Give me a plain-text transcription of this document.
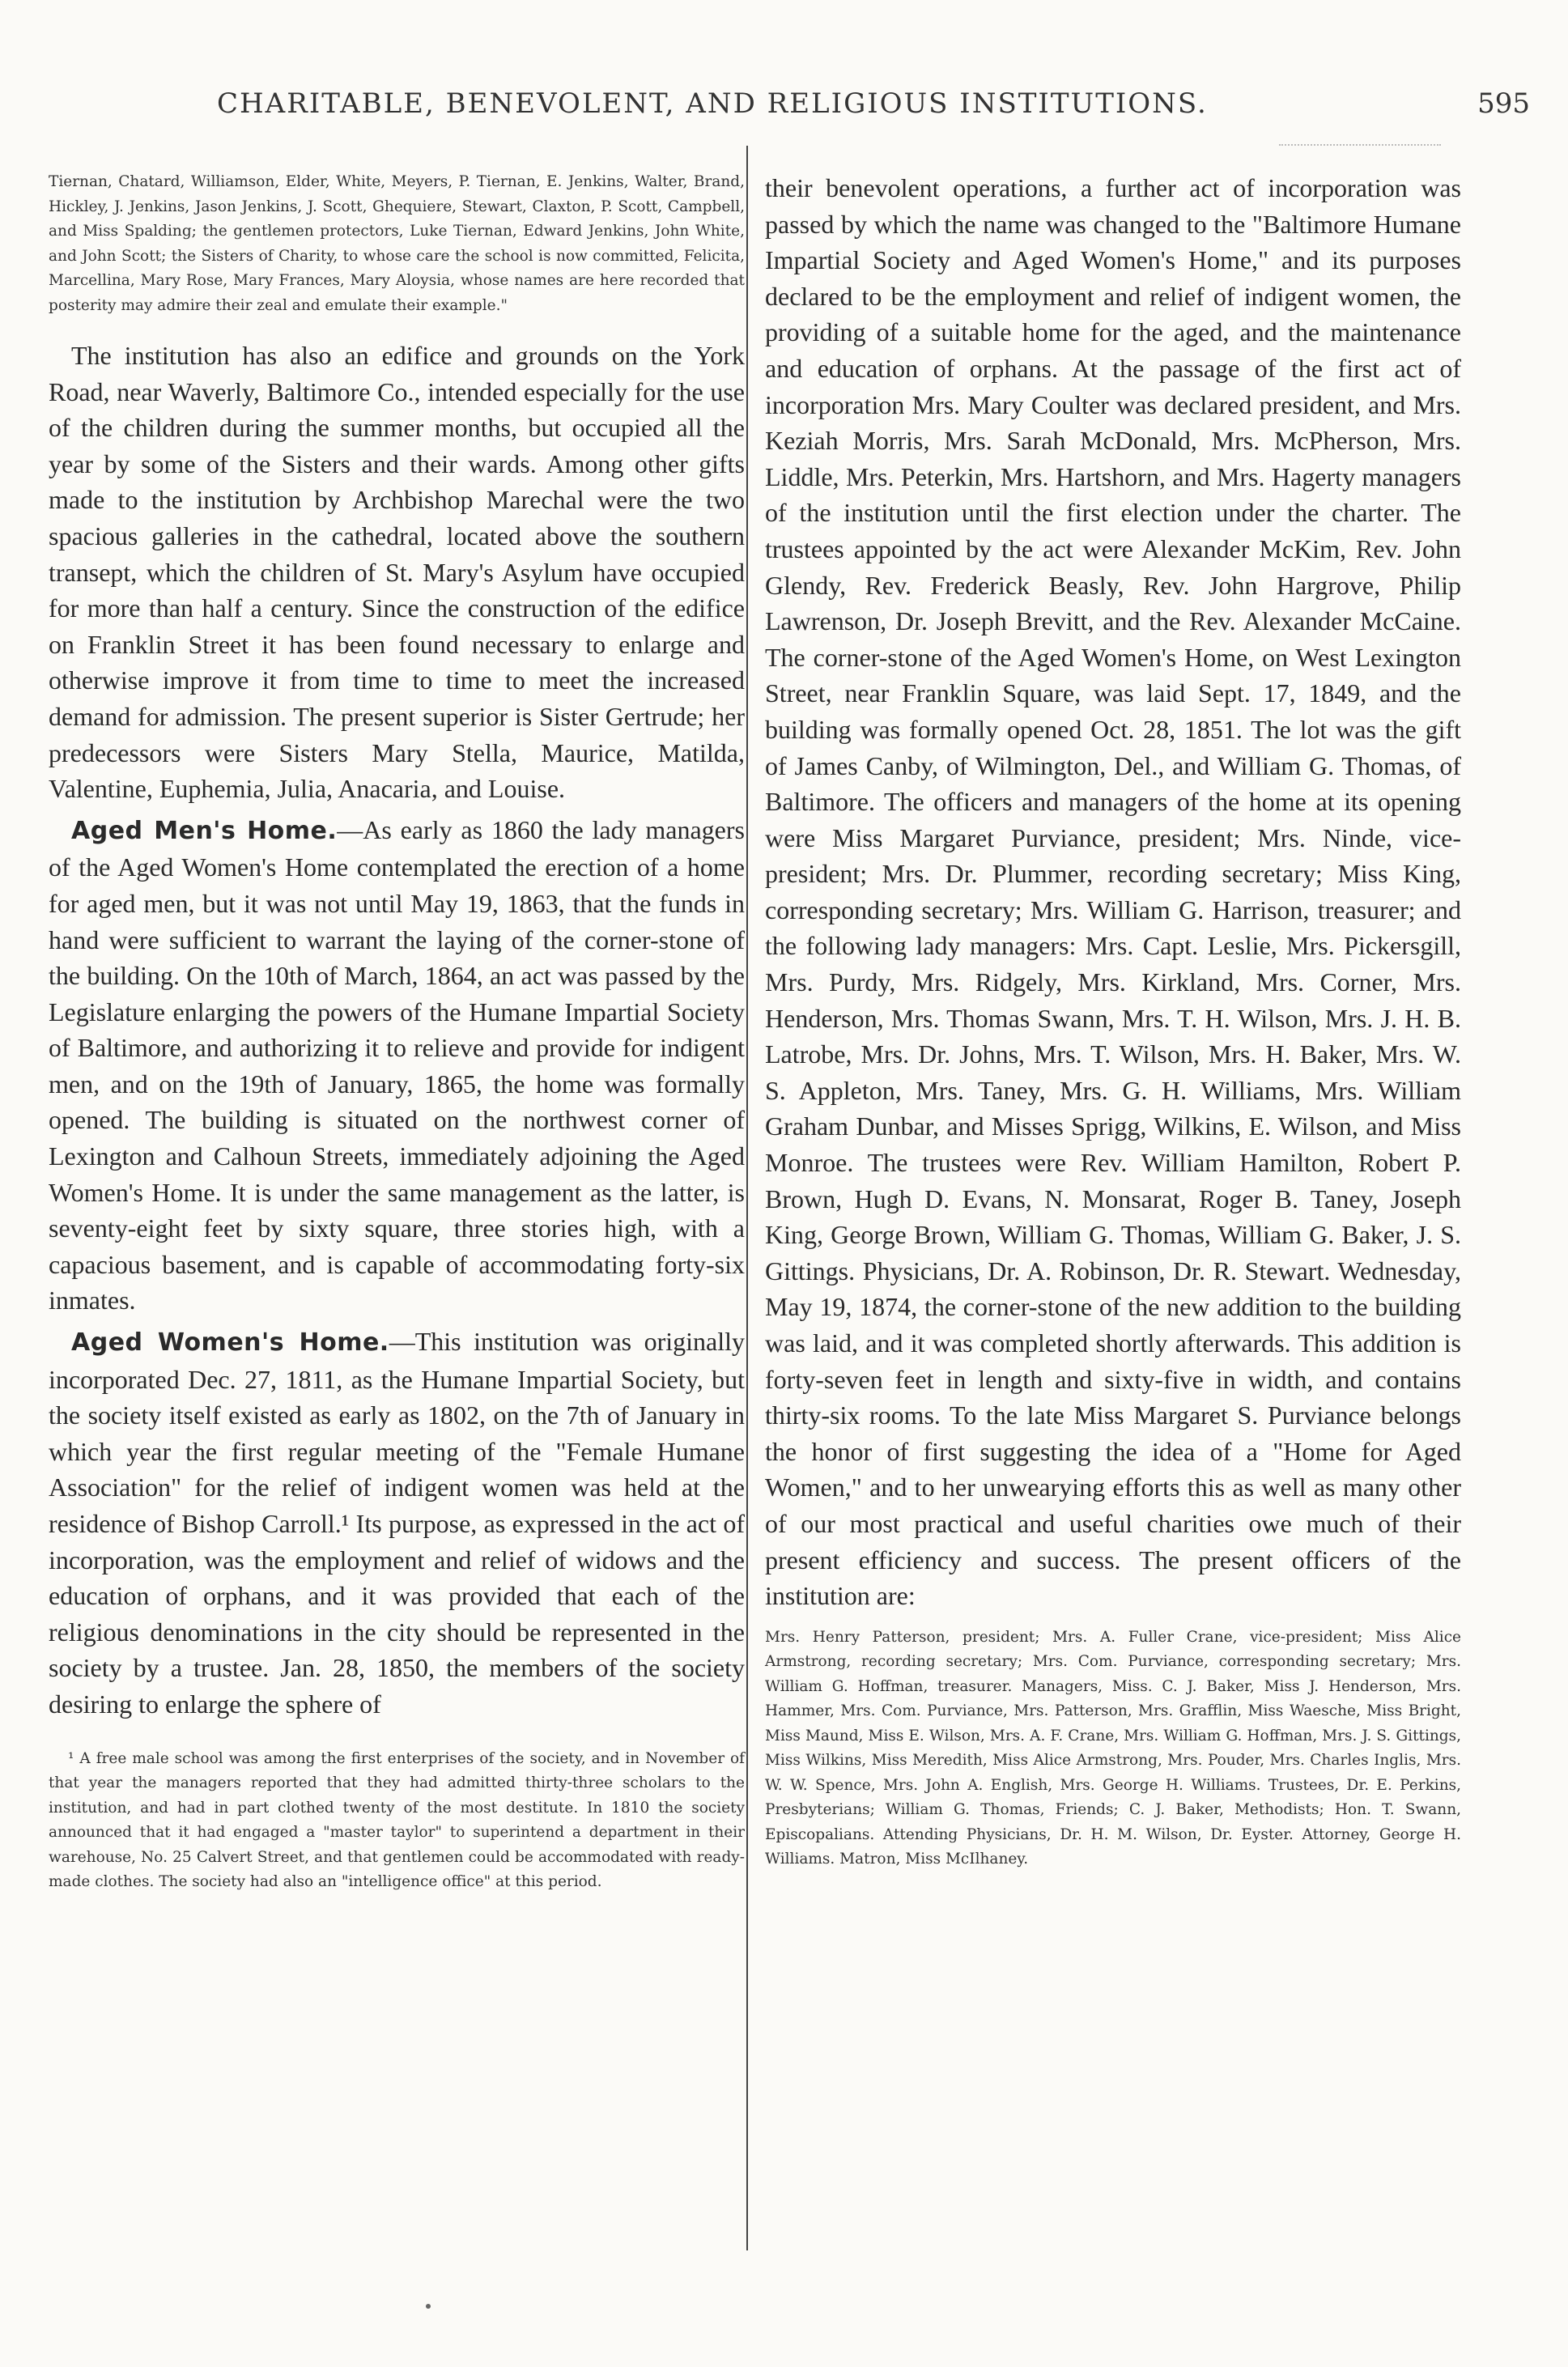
CHARITABLE, BENEVOLENT, AND RELIGIOUS INSTITUTIONS.	595

Tiernan, Chatard, Williamson, Elder, White, Meyers, P. Tiernan, E. Jenkins, Walter, Brand, Hickley, J. Jenkins, Jason Jenkins, J. Scott, Ghequiere, Stewart, Claxton, P. Scott, Campbell, and Miss Spalding; the gentlemen protectors, Luke Tiernan, Edward Jenkins, John White, and John Scott; the Sisters of Charity, to whose care the school is now committed, Felicita, Marcellina, Mary Rose, Mary Frances, Mary Aloysia, whose names are here recorded that posterity may admire their zeal and emulate their example."

The institution has also an edifice and grounds on the York Road, near Waverly, Baltimore Co., intended especially for the use of the children during the summer months, but occupied all the year by some of the Sisters and their wards. Among other gifts made to the institution by Archbishop Marechal were the two spacious galleries in the cathedral, located above the southern transept, which the children of St. Mary's Asylum have occupied for more than half a century. Since the construction of the edifice on Franklin Street it has been found necessary to enlarge and otherwise improve it from time to time to meet the increased demand for admission. The present superior is Sister Gertrude; her predecessors were Sisters Mary Stella, Maurice, Matilda, Valentine, Euphemia, Julia, Anacaria, and Louise.

Aged Men's Home.—As early as 1860 the lady managers of the Aged Women's Home contemplated the erection of a home for aged men, but it was not until May 19, 1863, that the funds in hand were sufficient to warrant the laying of the corner-stone of the building. On the 10th of March, 1864, an act was passed by the Legislature enlarging the powers of the Humane Impartial Society of Baltimore, and authorizing it to relieve and provide for indigent men, and on the 19th of January, 1865, the home was formally opened. The building is situated on the northwest corner of Lexington and Calhoun Streets, immediately adjoining the Aged Women's Home. It is under the same management as the latter, is seventy-eight feet by sixty square, three stories high, with a capacious basement, and is capable of accommodating forty-six inmates.

Aged Women's Home.—This institution was originally incorporated Dec. 27, 1811, as the Humane Impartial Society, but the society itself existed as early as 1802, on the 7th of January in which year the first regular meeting of the "Female Humane Association" for the relief of indigent women was held at the residence of Bishop Carroll.¹ Its purpose, as expressed in the act of incorporation, was the employment and relief of widows and the education of orphans, and it was provided that each of the religious denominations in the city should be represented in the society by a trustee. Jan. 28, 1850, the members of the society desiring to enlarge the sphere of

¹ A free male school was among the first enterprises of the society, and in November of that year the managers reported that they had admitted thirty-three scholars to the institution, and had in part clothed twenty of the most destitute. In 1810 the society announced that it had engaged a "master taylor" to superintend a department in their warehouse, No. 25 Calvert Street, and that gentlemen could be accommodated with ready-made clothes. The society had also an "intelligence office" at this period.

their benevolent operations, a further act of incorporation was passed by which the name was changed to the "Baltimore Humane Impartial Society and Aged Women's Home," and its purposes declared to be the employment and relief of indigent women, the providing of a suitable home for the aged, and the maintenance and education of orphans. At the passage of the first act of incorporation Mrs. Mary Coulter was declared president, and Mrs. Keziah Morris, Mrs. Sarah McDonald, Mrs. McPherson, Mrs. Liddle, Mrs. Peterkin, Mrs. Hartshorn, and Mrs. Hagerty managers of the institution until the first election under the charter. The trustees appointed by the act were Alexander McKim, Rev. John Glendy, Rev. Frederick Beasly, Rev. John Hargrove, Philip Lawrenson, Dr. Joseph Brevitt, and the Rev. Alexander McCaine. The corner-stone of the Aged Women's Home, on West Lexington Street, near Franklin Square, was laid Sept. 17, 1849, and the building was formally opened Oct. 28, 1851. The lot was the gift of James Canby, of Wilmington, Del., and William G. Thomas, of Baltimore. The officers and managers of the home at its opening were Miss Margaret Purviance, president; Mrs. Ninde, vice-president; Mrs. Dr. Plummer, recording secretary; Miss King, corresponding secretary; Mrs. William G. Harrison, treasurer; and the following lady managers: Mrs. Capt. Leslie, Mrs. Pickersgill, Mrs. Purdy, Mrs. Ridgely, Mrs. Kirkland, Mrs. Corner, Mrs. Henderson, Mrs. Thomas Swann, Mrs. T. H. Wilson, Mrs. J. H. B. Latrobe, Mrs. Dr. Johns, Mrs. T. Wilson, Mrs. H. Baker, Mrs. W. S. Appleton, Mrs. Taney, Mrs. G. H. Williams, Mrs. William Graham Dunbar, and Misses Sprigg, Wilkins, E. Wilson, and Miss Monroe. The trustees were Rev. William Hamilton, Robert P. Brown, Hugh D. Evans, N. Monsarat, Roger B. Taney, Joseph King, George Brown, William G. Thomas, William G. Baker, J. S. Gittings. Physicians, Dr. A. Robinson, Dr. R. Stewart. Wednesday, May 19, 1874, the corner-stone of the new addition to the building was laid, and it was completed shortly afterwards. This addition is forty-seven feet in length and sixty-five in width, and contains thirty-six rooms. To the late Miss Margaret S. Purviance belongs the honor of first suggesting the idea of a "Home for Aged Women," and to her unwearying efforts this as well as many other of our most practical and useful charities owe much of their present efficiency and success. The present officers of the institution are:

Mrs. Henry Patterson, president; Mrs. A. Fuller Crane, vice-president; Miss Alice Armstrong, recording secretary; Mrs. Com. Purviance, corresponding secretary; Mrs. William G. Hoffman, treasurer. Managers, Miss. C. J. Baker, Miss J. Henderson, Mrs. Hammer, Mrs. Com. Purviance, Mrs. Patterson, Mrs. Grafflin, Miss Waesche, Miss Bright, Miss Maund, Miss E. Wilson, Mrs. A. F. Crane, Mrs. William G. Hoffman, Mrs. J. S. Gittings, Miss Wilkins, Miss Meredith, Miss Alice Armstrong, Mrs. Pouder, Mrs. Charles Inglis, Mrs. W. W. Spence, Mrs. John A. English, Mrs. George H. Williams. Trustees, Dr. E. Perkins, Presbyterians; William G. Thomas, Friends; C. J. Baker, Methodists; Hon. T. Swann, Episcopalians. Attending Physicians, Dr. H. M. Wilson, Dr. Eyster. Attorney, George H. Williams. Matron, Miss McIlhaney.
